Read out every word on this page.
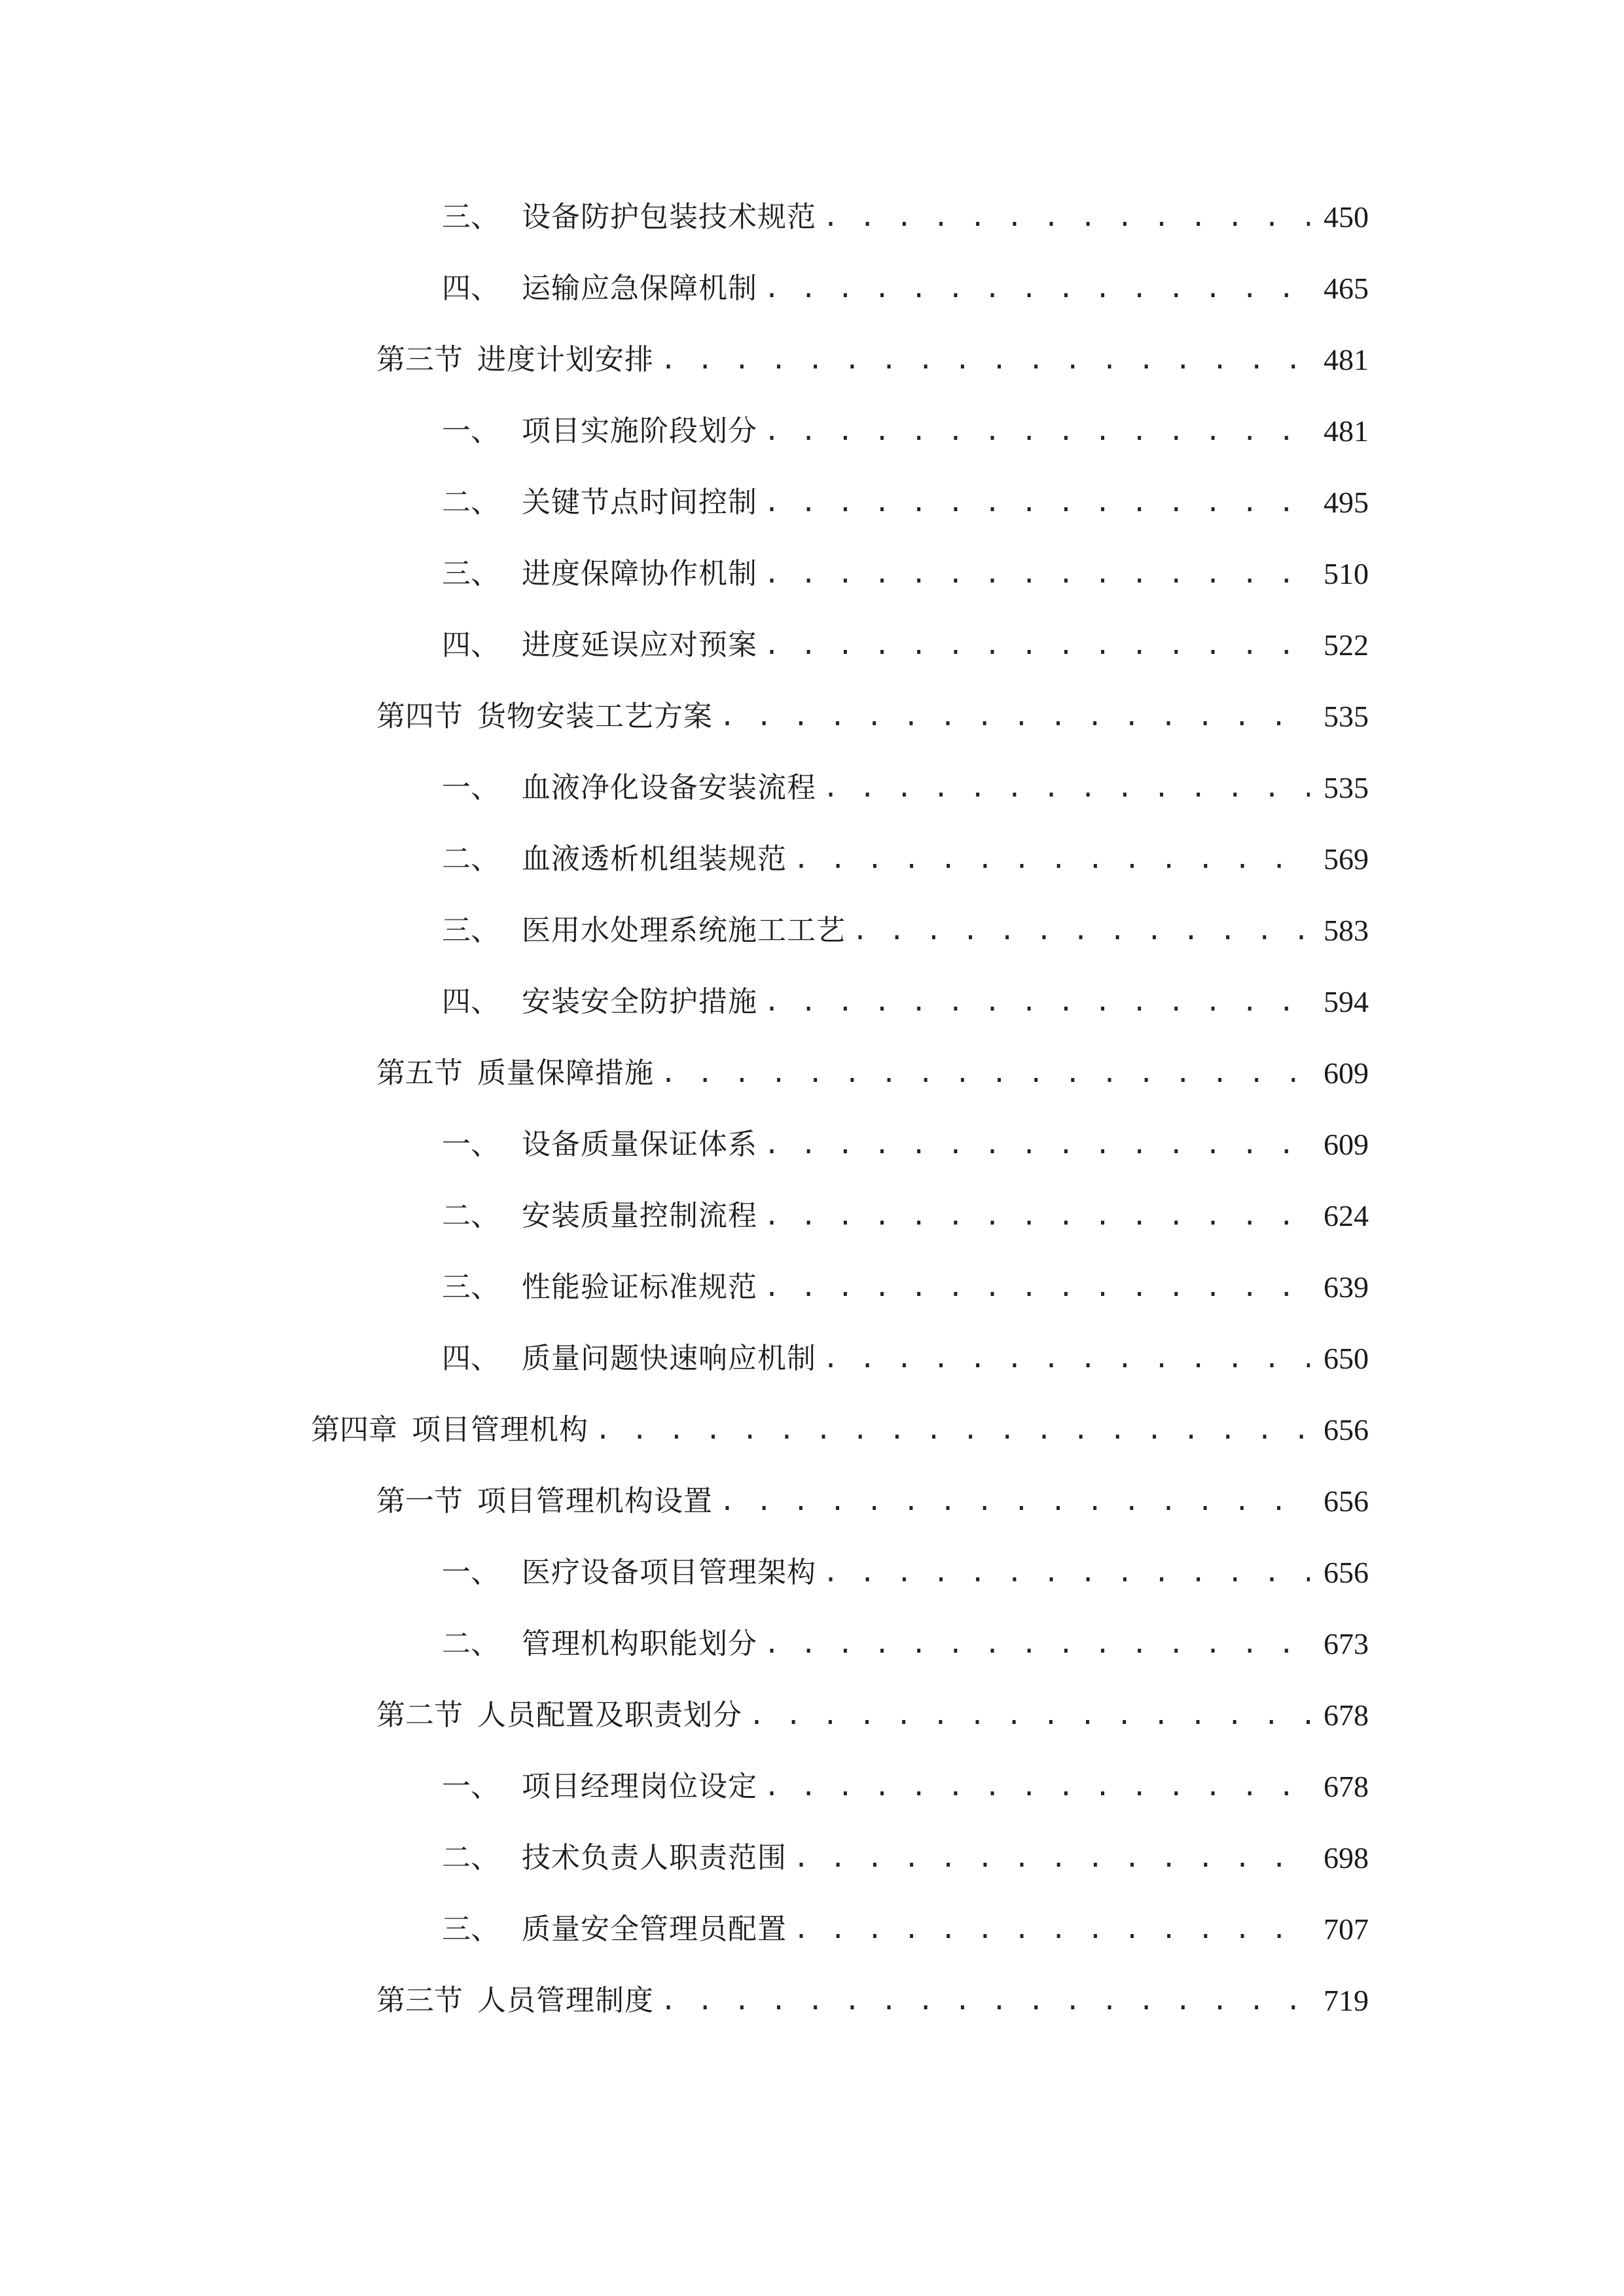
三、 设备防护包装技术规范 . . .	450
四、 运输应急保障机制 . . .	465
第三节 进度计划安排 . . .	481
一、 项目实施阶段划分 . . .	481
二、 关键节点时间控制 . . .	495
三、 进度保障协作机制 . . .	510
四、 进度延误应对预案 . . .	522
第四节 货物安装工艺方案 . . .	535
一、 血液净化设备安装流程 . . .	535
二、 血液透析机组装规范 . . .	569
三、 医用水处理系统施工工艺 . . .	583
四、 安装安全防护措施 . . .	594
第五节 质量保障措施 . . .	609
一、 设备质量保证体系 . . .	609
二、 安装质量控制流程 . . .	624
三、 性能验证标准规范 . . .	639
四、 质量问题快速响应机制 . . .	650
第四章 项目管理机构 . . .	656
第一节 项目管理机构设置 . . .	656
一、 医疗设备项目管理架构 . . .	656
二、 管理机构职能划分 . . .	673
第二节 人员配置及职责划分 . . .	678
一、 项目经理岗位设定 . . .	678
二、 技术负责人职责范围 . . .	698
三、 质量安全管理员配置 . . .	707
第三节 人员管理制度 . . .	719
